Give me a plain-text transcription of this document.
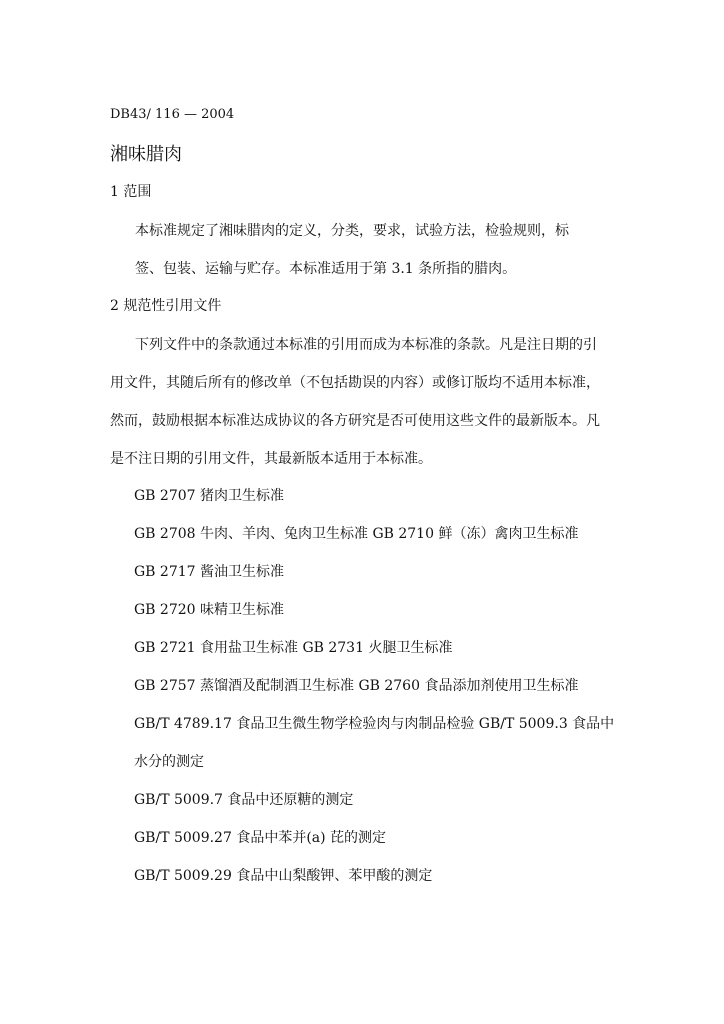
DB43/ 116 — 2004
湘味腊肉
1 范围
本标准规定了湘味腊肉的定义，分类，要求，试验方法，检验规则，标
签、包装、运输与贮存。本标准适用于第 3.1 条所指的腊肉。
2 规范性引用文件
下列文件中的条款通过本标准的引用而成为本标准的条款。凡是注日期的引
用文件，其随后所有的修改单（不包括勘误的内容）或修订版均不适用本标准，
然而，鼓励根据本标准达成协议的各方研究是否可使用这些文件的最新版本。凡
是不注日期的引用文件，其最新版本适用于本标准。
GB 2707 猪肉卫生标准
GB 2708 牛肉、羊肉、兔肉卫生标准 GB 2710 鲜（冻）禽肉卫生标准
GB 2717 酱油卫生标准
GB 2720 味精卫生标准
GB 2721 食用盐卫生标准 GB 2731 火腿卫生标准
GB 2757 蒸馏酒及配制酒卫生标准 GB 2760 食品添加剂使用卫生标准
GB/T 4789.17 食品卫生微生物学检验肉与肉制品检验 GB/T 5009.3 食品中
水分的测定
GB/T 5009.7 食品中还原糖的测定
GB/T 5009.27 食品中苯并(a) 芘的测定
GB/T 5009.29 食品中山梨酸钾、苯甲酸的测定
